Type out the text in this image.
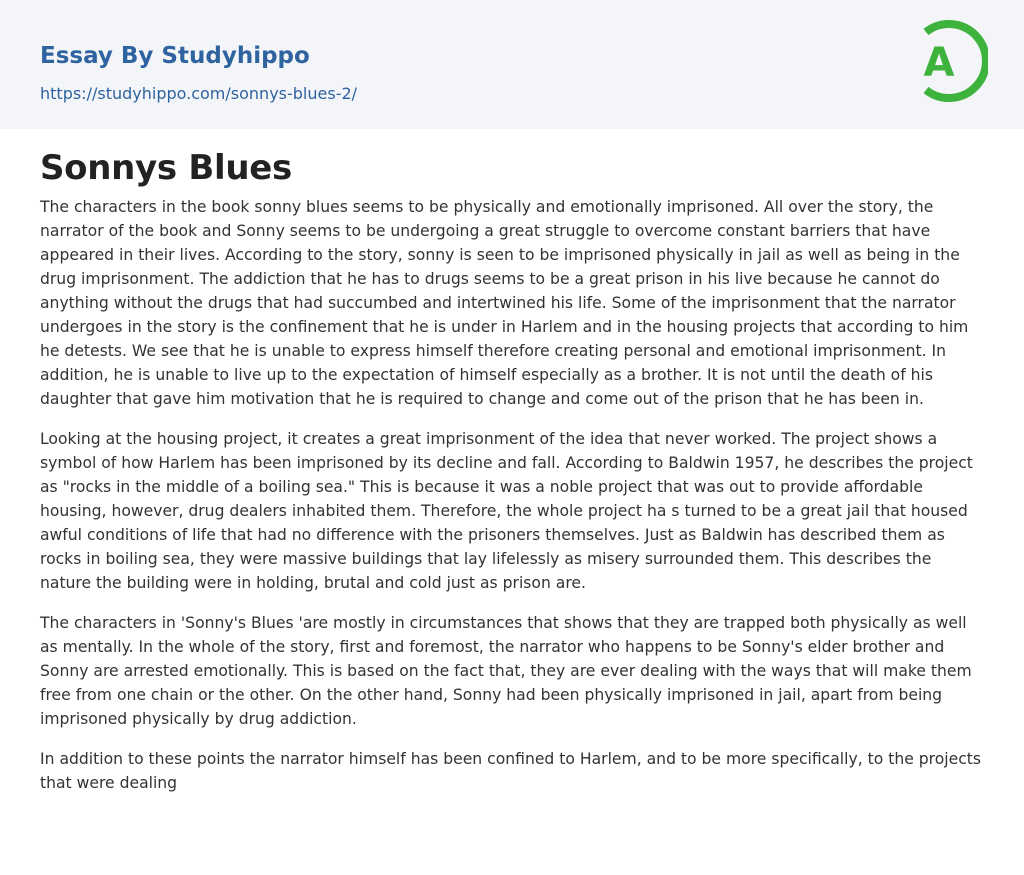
Essay By Studyhippo
https://studyhippo.com/sonnys-blues-2/
A
Sonnys Blues

The characters in the book sonny blues seems to be physically and emotionally imprisoned. All over the story, the narrator of the book and Sonny seems to be undergoing a great struggle to overcome constant barriers that have appeared in their lives. According to the story, sonny is seen to be imprisoned physically in jail as well as being in the drug imprisonment. The addiction that he has to drugs seems to be a great prison in his live because he cannot do anything without the drugs that had succumbed and intertwined his life. Some of the imprisonment that the narrator undergoes in the story is the confinement that he is under in Harlem and in the housing projects that according to him he detests. We see that he is unable to express himself therefore creating personal and emotional imprisonment. In addition, he is unable to live up to the expectation of himself especially as a brother. It is not until the death of his daughter that gave him motivation that he is required to change and come out of the prison that he has been in.

Looking at the housing project, it creates a great imprisonment of the idea that never worked. The project shows a symbol of how Harlem has been imprisoned by its decline and fall. According to Baldwin 1957, he describes the project as "rocks in the middle of a boiling sea." This is because it was a noble project that was out to provide affordable housing, however, drug dealers inhabited them. Therefore, the whole project ha s turned to be a great jail that housed awful conditions of life that had no difference with the prisoners themselves. Just as Baldwin has described them as rocks in boiling sea, they were massive buildings that lay lifelessly as misery surrounded them. This describes the nature the building were in holding, brutal and cold just as prison are.

The characters in 'Sonny's Blues 'are mostly in circumstances that shows that they are trapped both physically as well as mentally. In the whole of the story, first and foremost, the narrator who happens to be Sonny's elder brother and Sonny are arrested emotionally. This is based on the fact that, they are ever dealing with the ways that will make them free from one chain or the other. On the other hand, Sonny had been physically imprisoned in jail, apart from being imprisoned physically by drug addiction.

In addition to these points the narrator himself has been confined to Harlem, and to be more specifically, to the projects that were dealing
